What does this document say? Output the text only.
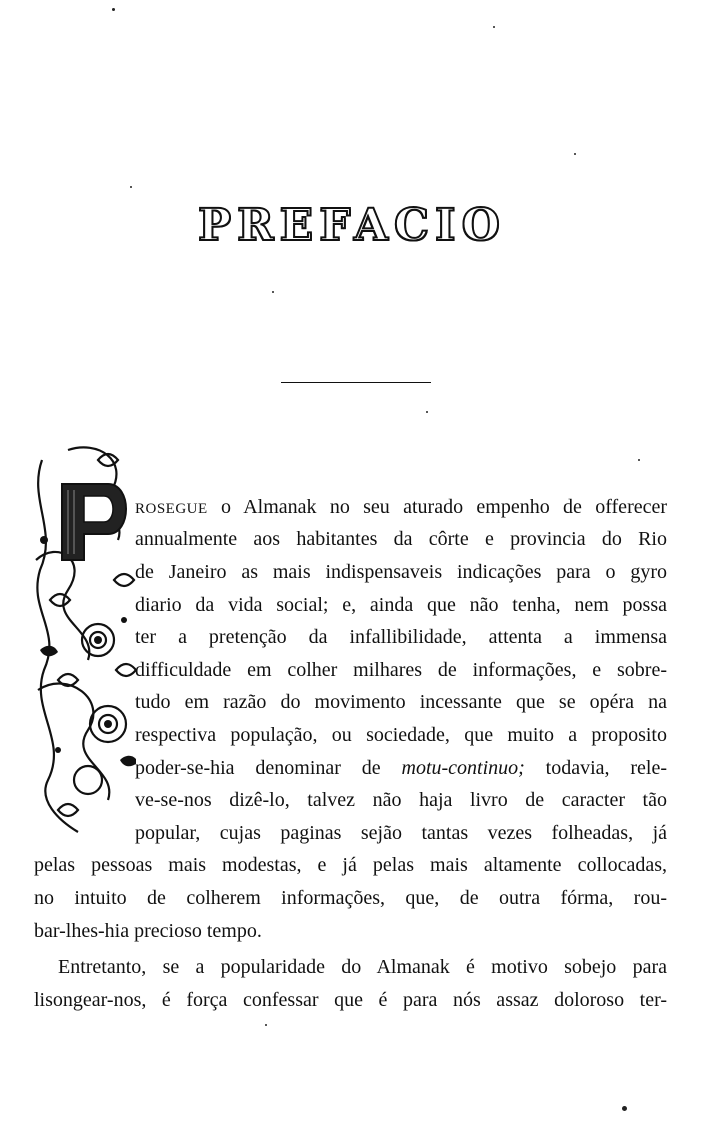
PREFACIO
ROSEGUE o Almanak no seu aturado empenho de offerecer
annualmente aos habitantes da côrte e provincia do Rio
de Janeiro as mais indispensaveis indicações para o gyro
diario da vida social; e, ainda que não tenha, nem possa
ter a pretenção da infallibilidade, attenta a immensa
difficuldade em colher milhares de informações, e sobre-
tudo em razão do movimento incessante que se opéra na
respectiva população, ou sociedade, que muito a proposito
poder-se-hia denominar de motu-continuo; todavia, rele-
ve-se-nos dizê-lo, talvez não haja livro de caracter tão
popular, cujas paginas sejão tantas vezes folheadas, já
pelas pessoas mais modestas, e já pelas mais altamente collocadas,
no intuito de colherem informações, que, de outra fórma, rou-
bar-lhes-hia precioso tempo.
Entretanto, se a popularidade do Almanak é motivo sobejo para
lisongear-nos, é força confessar que é para nós assaz doloroso ter-
